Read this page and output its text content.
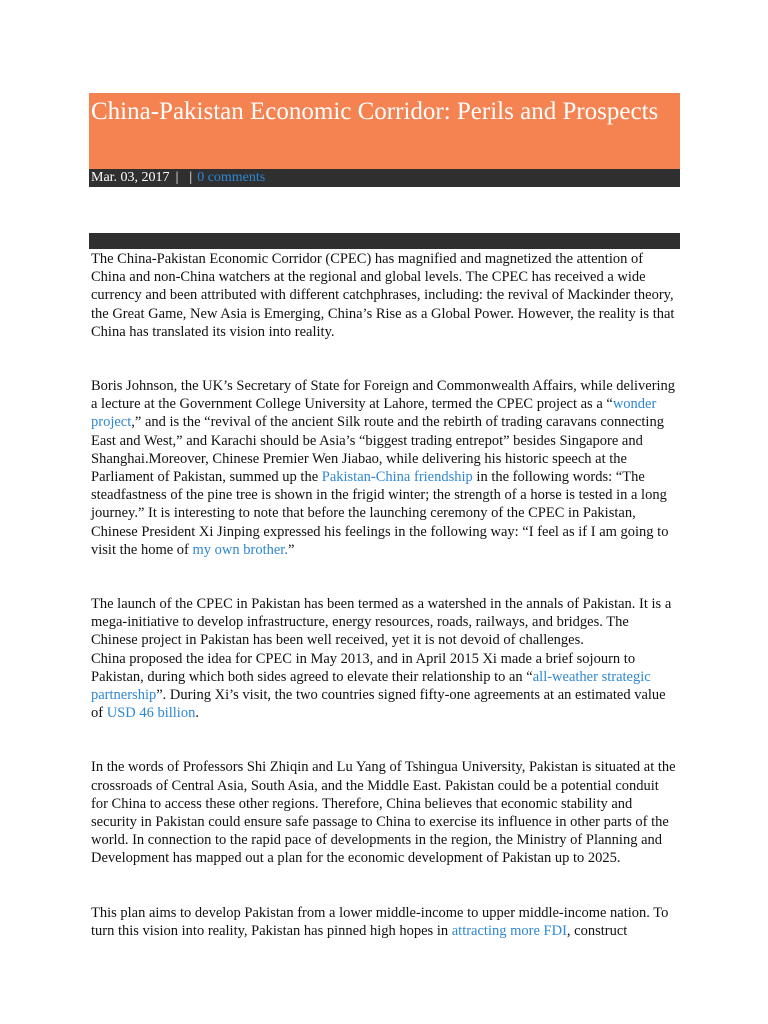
China-Pakistan Economic Corridor: Perils and Prospects
Mar. 03, 2017 | | 0 comments

The China-Pakistan Economic Corridor (CPEC) has magnified and magnetized the attention of China and non-China watchers at the regional and global levels. The CPEC has received a wide currency and been attributed with different catchphrases, including: the revival of Mackinder theory, the Great Game, New Asia is Emerging, China’s Rise as a Global Power. However, the reality is that China has translated its vision into reality.

Boris Johnson, the UK’s Secretary of State for Foreign and Commonwealth Affairs, while delivering a lecture at the Government College University at Lahore, termed the CPEC project as a “wonder project,” and is the “revival of the ancient Silk route and the rebirth of trading caravans connecting East and West,” and Karachi should be Asia’s “biggest trading entrepot” besides Singapore and Shanghai.Moreover, Chinese Premier Wen Jiabao, while delivering his historic speech at the Parliament of Pakistan, summed up the Pakistan-China friendship in the following words: “The steadfastness of the pine tree is shown in the frigid winter; the strength of a horse is tested in a long journey.” It is interesting to note that before the launching ceremony of the CPEC in Pakistan, Chinese President Xi Jinping expressed his feelings in the following way: “I feel as if I am going to visit the home of my own brother.”

The launch of the CPEC in Pakistan has been termed as a watershed in the annals of Pakistan. It is a mega-initiative to develop infrastructure, energy resources, roads, railways, and bridges. The Chinese project in Pakistan has been well received, yet it is not devoid of challenges.
China proposed the idea for CPEC in May 2013, and in April 2015 Xi made a brief sojourn to Pakistan, during which both sides agreed to elevate their relationship to an “all-weather strategic partnership”. During Xi’s visit, the two countries signed fifty-one agreements at an estimated value of USD 46 billion.

In the words of Professors Shi Zhiqin and Lu Yang of Tshingua University, Pakistan is situated at the crossroads of Central Asia, South Asia, and the Middle East. Pakistan could be a potential conduit for China to access these other regions. Therefore, China believes that economic stability and security in Pakistan could ensure safe passage to China to exercise its influence in other parts of the world. In connection to the rapid pace of developments in the region, the Ministry of Planning and Development has mapped out a plan for the economic development of Pakistan up to 2025.

This plan aims to develop Pakistan from a lower middle-income to upper middle-income nation. To turn this vision into reality, Pakistan has pinned high hopes in attracting more FDI, construct
